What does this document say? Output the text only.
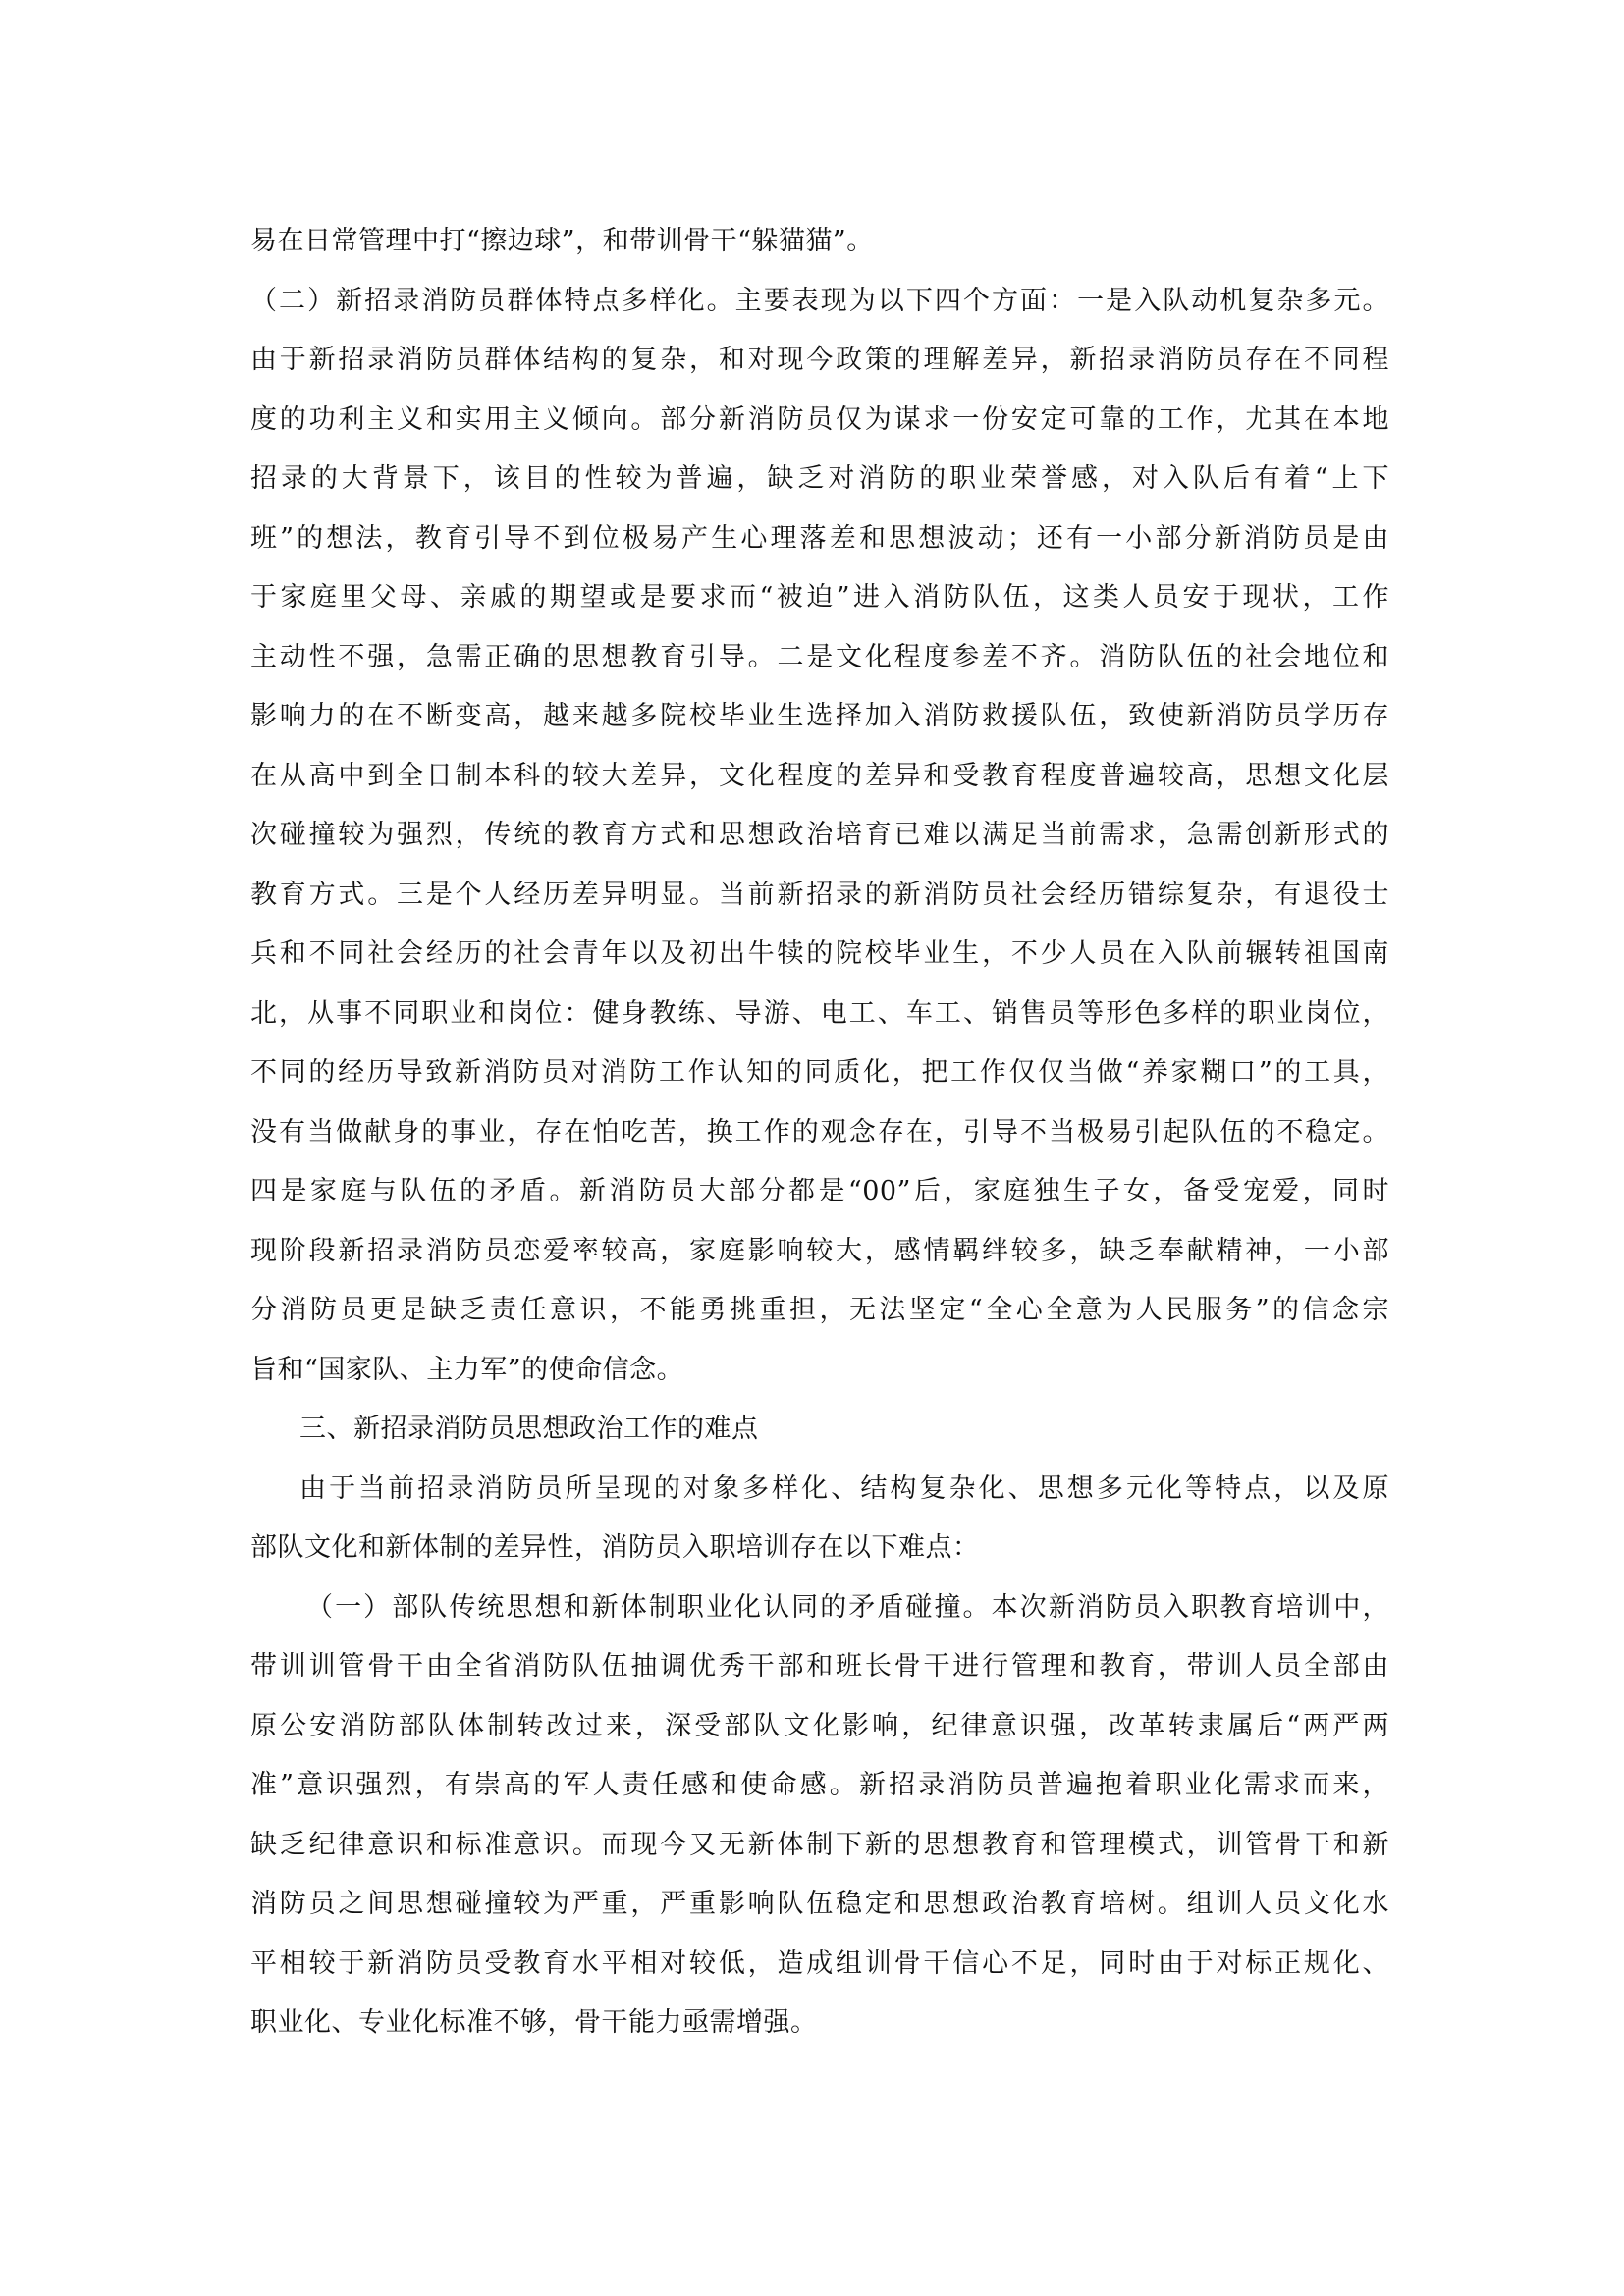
易在日常管理中打“擦边球”，和带训骨干“躲猫猫”。
（二）新招录消防员群体特点多样化。主要表现为以下四个方面：一是入队动机复杂多元。
由于新招录消防员群体结构的复杂，和对现今政策的理解差异，新招录消防员存在不同程
度的功利主义和实用主义倾向。部分新消防员仅为谋求一份安定可靠的工作，尤其在本地
招录的大背景下，该目的性较为普遍，缺乏对消防的职业荣誉感，对入队后有着“上下
班”的想法，教育引导不到位极易产生心理落差和思想波动；还有一小部分新消防员是由
于家庭里父母、亲戚的期望或是要求而“被迫”进入消防队伍，这类人员安于现状，工作
主动性不强，急需正确的思想教育引导。二是文化程度参差不齐。消防队伍的社会地位和
影响力的在不断变高，越来越多院校毕业生选择加入消防救援队伍，致使新消防员学历存
在从高中到全日制本科的较大差异，文化程度的差异和受教育程度普遍较高，思想文化层
次碰撞较为强烈，传统的教育方式和思想政治培育已难以满足当前需求，急需创新形式的
教育方式。三是个人经历差异明显。当前新招录的新消防员社会经历错综复杂，有退役士
兵和不同社会经历的社会青年以及初出牛犊的院校毕业生，不少人员在入队前辗转祖国南
北，从事不同职业和岗位：健身教练、导游、电工、车工、销售员等形色多样的职业岗位，
不同的经历导致新消防员对消防工作认知的同质化，把工作仅仅当做“养家糊口”的工具，
没有当做献身的事业，存在怕吃苦，换工作的观念存在，引导不当极易引起队伍的不稳定。
四是家庭与队伍的矛盾。新消防员大部分都是“00”后，家庭独生子女，备受宠爱，同时
现阶段新招录消防员恋爱率较高，家庭影响较大，感情羁绊较多，缺乏奉献精神，一小部
分消防员更是缺乏责任意识，不能勇挑重担，无法坚定“全心全意为人民服务”的信念宗
旨和“国家队、主力军”的使命信念。
三、新招录消防员思想政治工作的难点
由于当前招录消防员所呈现的对象多样化、结构复杂化、思想多元化等特点，以及原
部队文化和新体制的差异性，消防员入职培训存在以下难点：
（一）部队传统思想和新体制职业化认同的矛盾碰撞。本次新消防员入职教育培训中，
带训训管骨干由全省消防队伍抽调优秀干部和班长骨干进行管理和教育，带训人员全部由
原公安消防部队体制转改过来，深受部队文化影响，纪律意识强，改革转隶属后“两严两
准”意识强烈，有崇高的军人责任感和使命感。新招录消防员普遍抱着职业化需求而来，
缺乏纪律意识和标准意识。而现今又无新体制下新的思想教育和管理模式，训管骨干和新
消防员之间思想碰撞较为严重，严重影响队伍稳定和思想政治教育培树。组训人员文化水
平相较于新消防员受教育水平相对较低，造成组训骨干信心不足，同时由于对标正规化、
职业化、专业化标准不够，骨干能力亟需增强。
